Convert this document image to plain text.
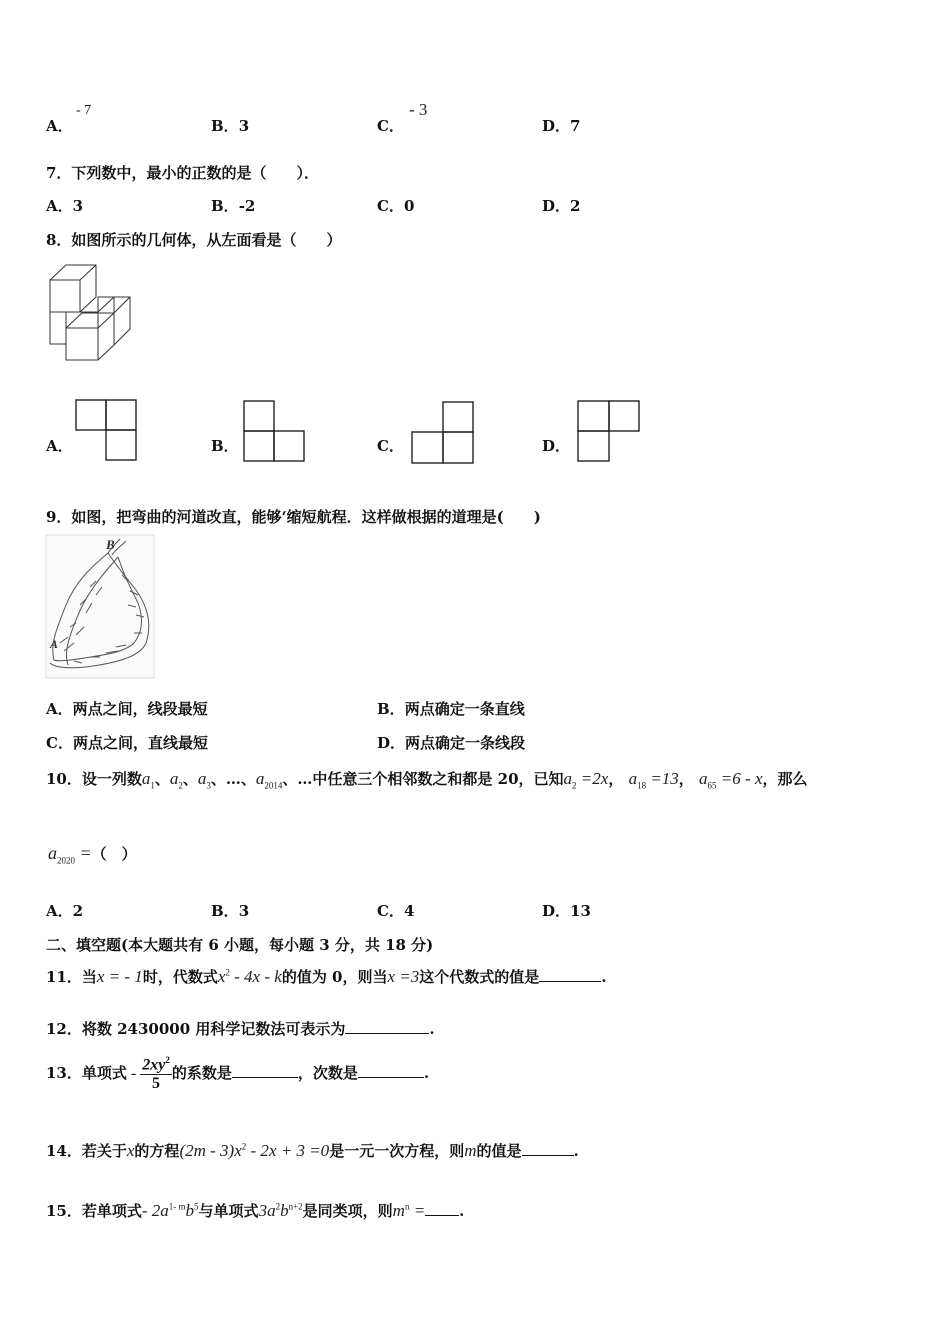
A．
- 7
B．3	C．
- 3
D．7
7．下列数中，最小的正数的是（　　）．
A．3	B．-2	C．0	D．2
8．如图所示的几何体，从左面看是（　　）
A．	B．	C．	D．
9．如图，把弯曲的河道改直，能够‘缩短航程．这样做根据的道理是(　　)
B
A
A．两点之间，线段最短	B．两点确定一条直线
C．两点之间，直线最短	D．两点确定一条线段
10．设一列数$a_1$、$a_2$、$a_3$、…、$a_{2014}$、…中任意三个相邻数之和都是 20，已知$a_2 =2x$， $a_{18} =13$， $a_{65} =6 - x$，那么
$a_{2020}$ =（　）
A．2	B．3	C．4	D．13
二、填空题(本大题共有 6 小题，每小题 3 分，共 18 分)
11．当x = - 1时，代数式$x^2 - 4x$ - k的值为 0，则当x =3这个代数式的值是	.
12．将数 2430000 用科学记数法可表示为	.
13．单项式 - $\frac{2xy^2}{5}$ 的系数是	，次数是	.
14．若关于x的方程$(2m - 3)x^2 - 2x + 3 =0$是一元一次方程，则m的值是	.
15．若单项式- $2a^{1- m}b^5$与单项式$3a^2b^{n+2}$是同类项，则$m^n$ = .
